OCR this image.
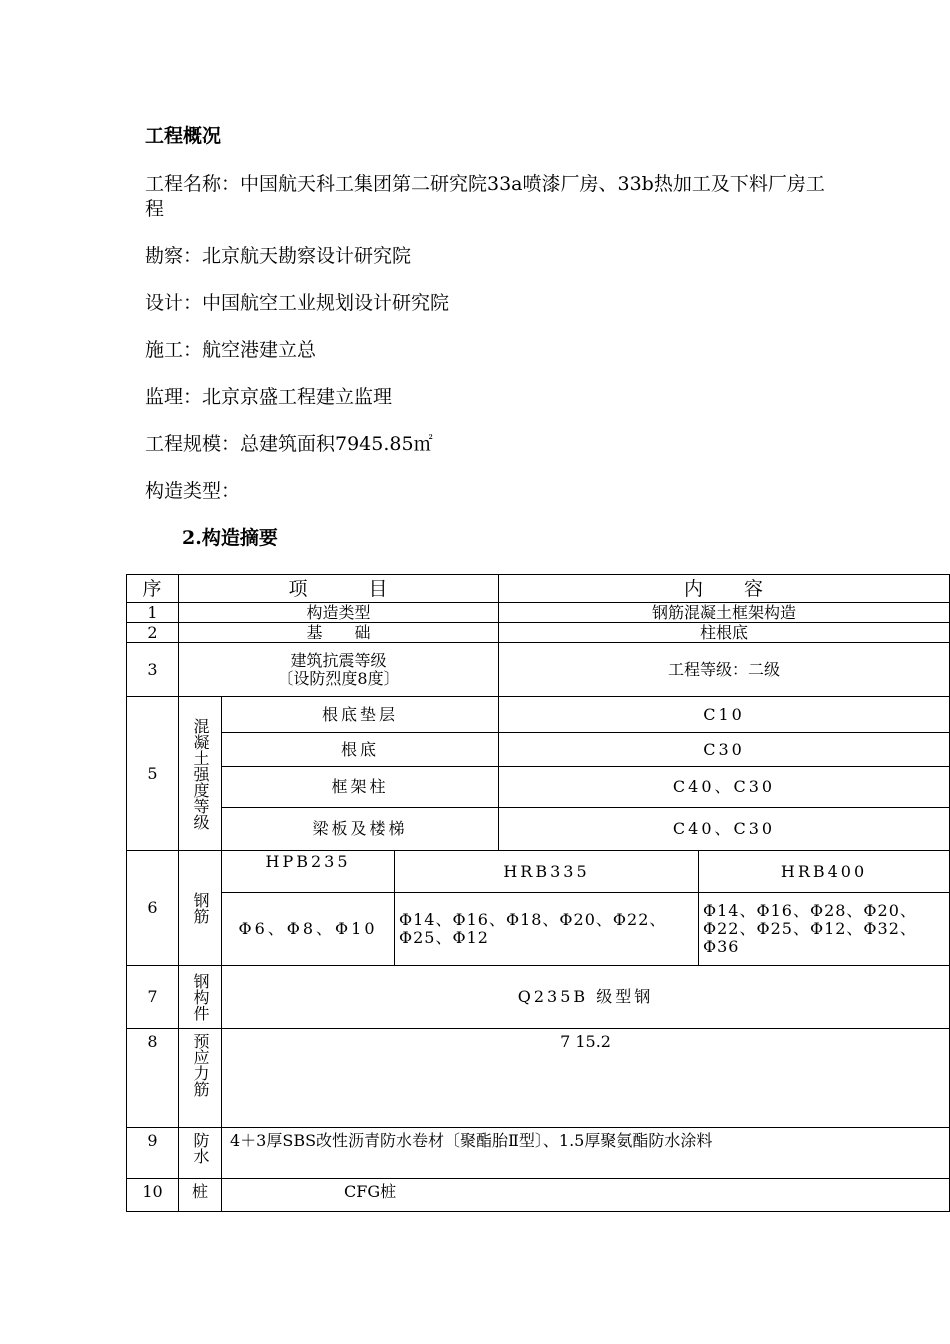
工程概况

工程名称：中国航天科工集团第二研究院33a喷漆厂房、33b热加工及下料厂房工程

勘察：北京航天勘察设计研究院

设计：中国航空工业规划设计研究院

施工：航空港建立总

监理：北京京盛工程建立监理

工程规模：总建筑面积7945.85㎡

构造类型：

2.构造摘要

序	项　　　目			内　　容	
1	构造类型			钢筋混凝土框架构造	
2	基　　础			柱根底	
3	建筑抗震等级
〔设防烈度8度〕			工程等级：二级	
5	混凝土强度等级	根底垫层		C10	
		根底		C30	
		框架柱		C40、C30	
		梁板及楼梯		C40、C30	
6	钢筋	HPB235	HRB335		HRB400
		Φ6、Φ8、Φ10	Φ14、Φ16、Φ18、Φ20、Φ22、Φ25、Φ12		Φ14、Φ16、Φ28、Φ20、Φ22、Φ25、Φ12、Φ32、Φ36
7	钢构件	Q235B 级型钢			
8	预应力筋	7 15.2			
9	防水	4＋3厚SBS改性沥青防水卷材〔聚酯胎Ⅱ型〕、1.5厚聚氨酯防水涂料			
10	桩	CFG桩			
